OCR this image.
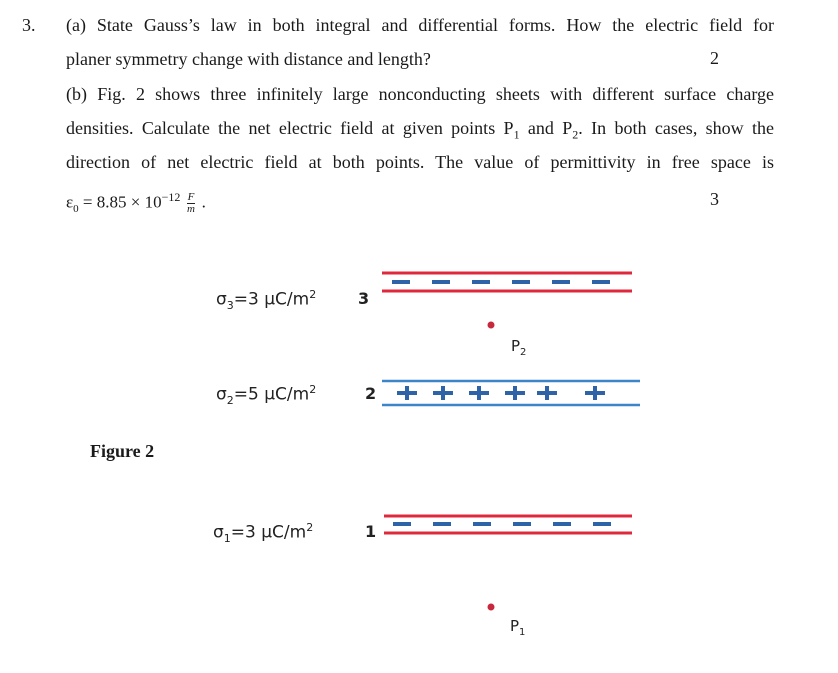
3. (a) State Gauss’s law in both integral and differential forms. How the electric field for
planer symmetry change with distance and length?	2
(b) Fig. 2 shows three infinitely large nonconducting sheets with different surface charge
densities. Calculate the net electric field at given points $P_1$ and $P_2$. In both cases, show the
direction of net electric field at both points. The value of permittivity in free space is
$\varepsilon_0 = 8.85 \times 10^{-12} \frac{F}{m}$ .	3
$\sigma_3=3$ $\mu C/m^2$
$\sigma_2=5$ $\mu C/m^2$
$\sigma_1=3$ $\mu C/m^2$
3
2
1
$P_2$
$P_1$
Figure 2
